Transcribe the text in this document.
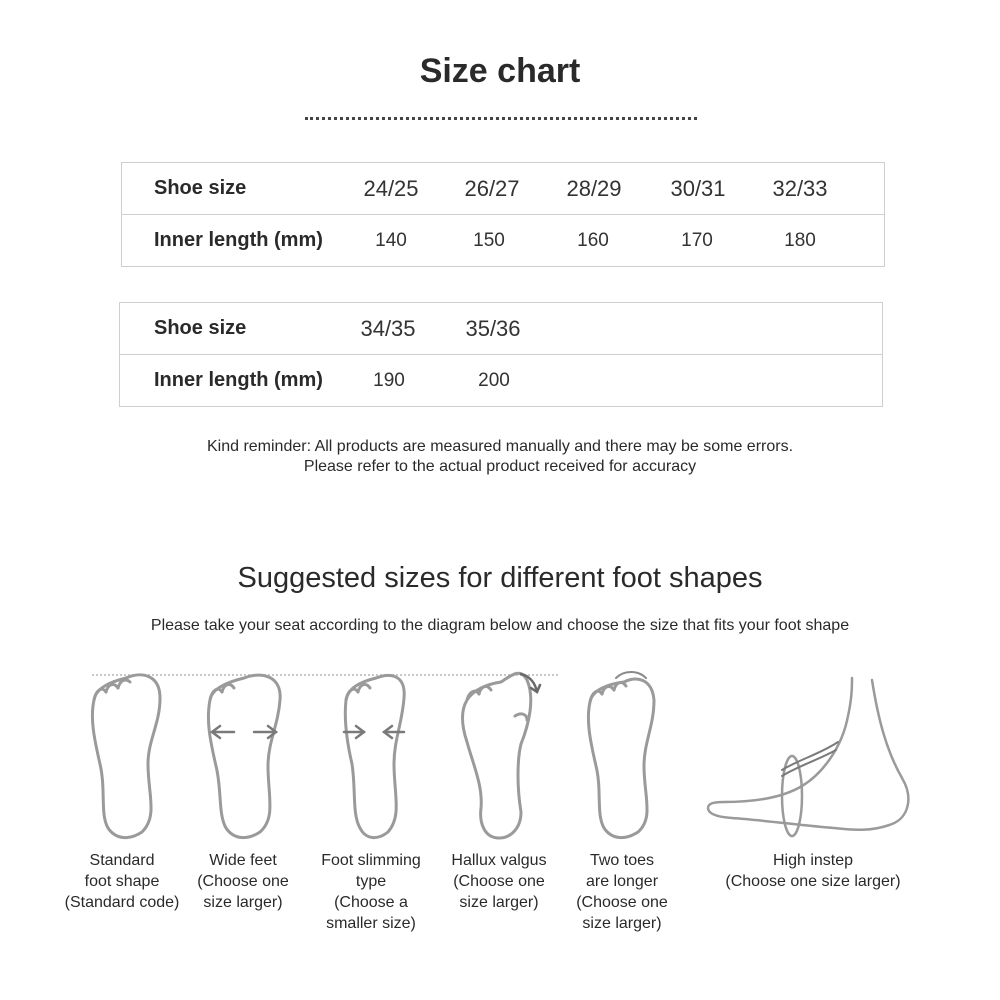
Size chart
Shoe size	24/25	26/27	28/29	30/31	32/33
Inner length (mm)	140	150	160	170	180
Shoe size	34/35	35/36
Inner length (mm)	190	200
Kind reminder: All products are measured manually and there may be some errors.
Please refer to the actual product received for accuracy
Suggested sizes for different foot shapes
Please take your seat according to the diagram below and choose the size that fits your foot shape
Standard
foot shape
(Standard code)
Wide feet
(Choose one
size larger)
Foot slimming
type
(Choose a
smaller size)
Hallux valgus
(Choose one
size larger)
Two toes
are longer
(Choose one
size larger)
High instep
(Choose one size larger)
